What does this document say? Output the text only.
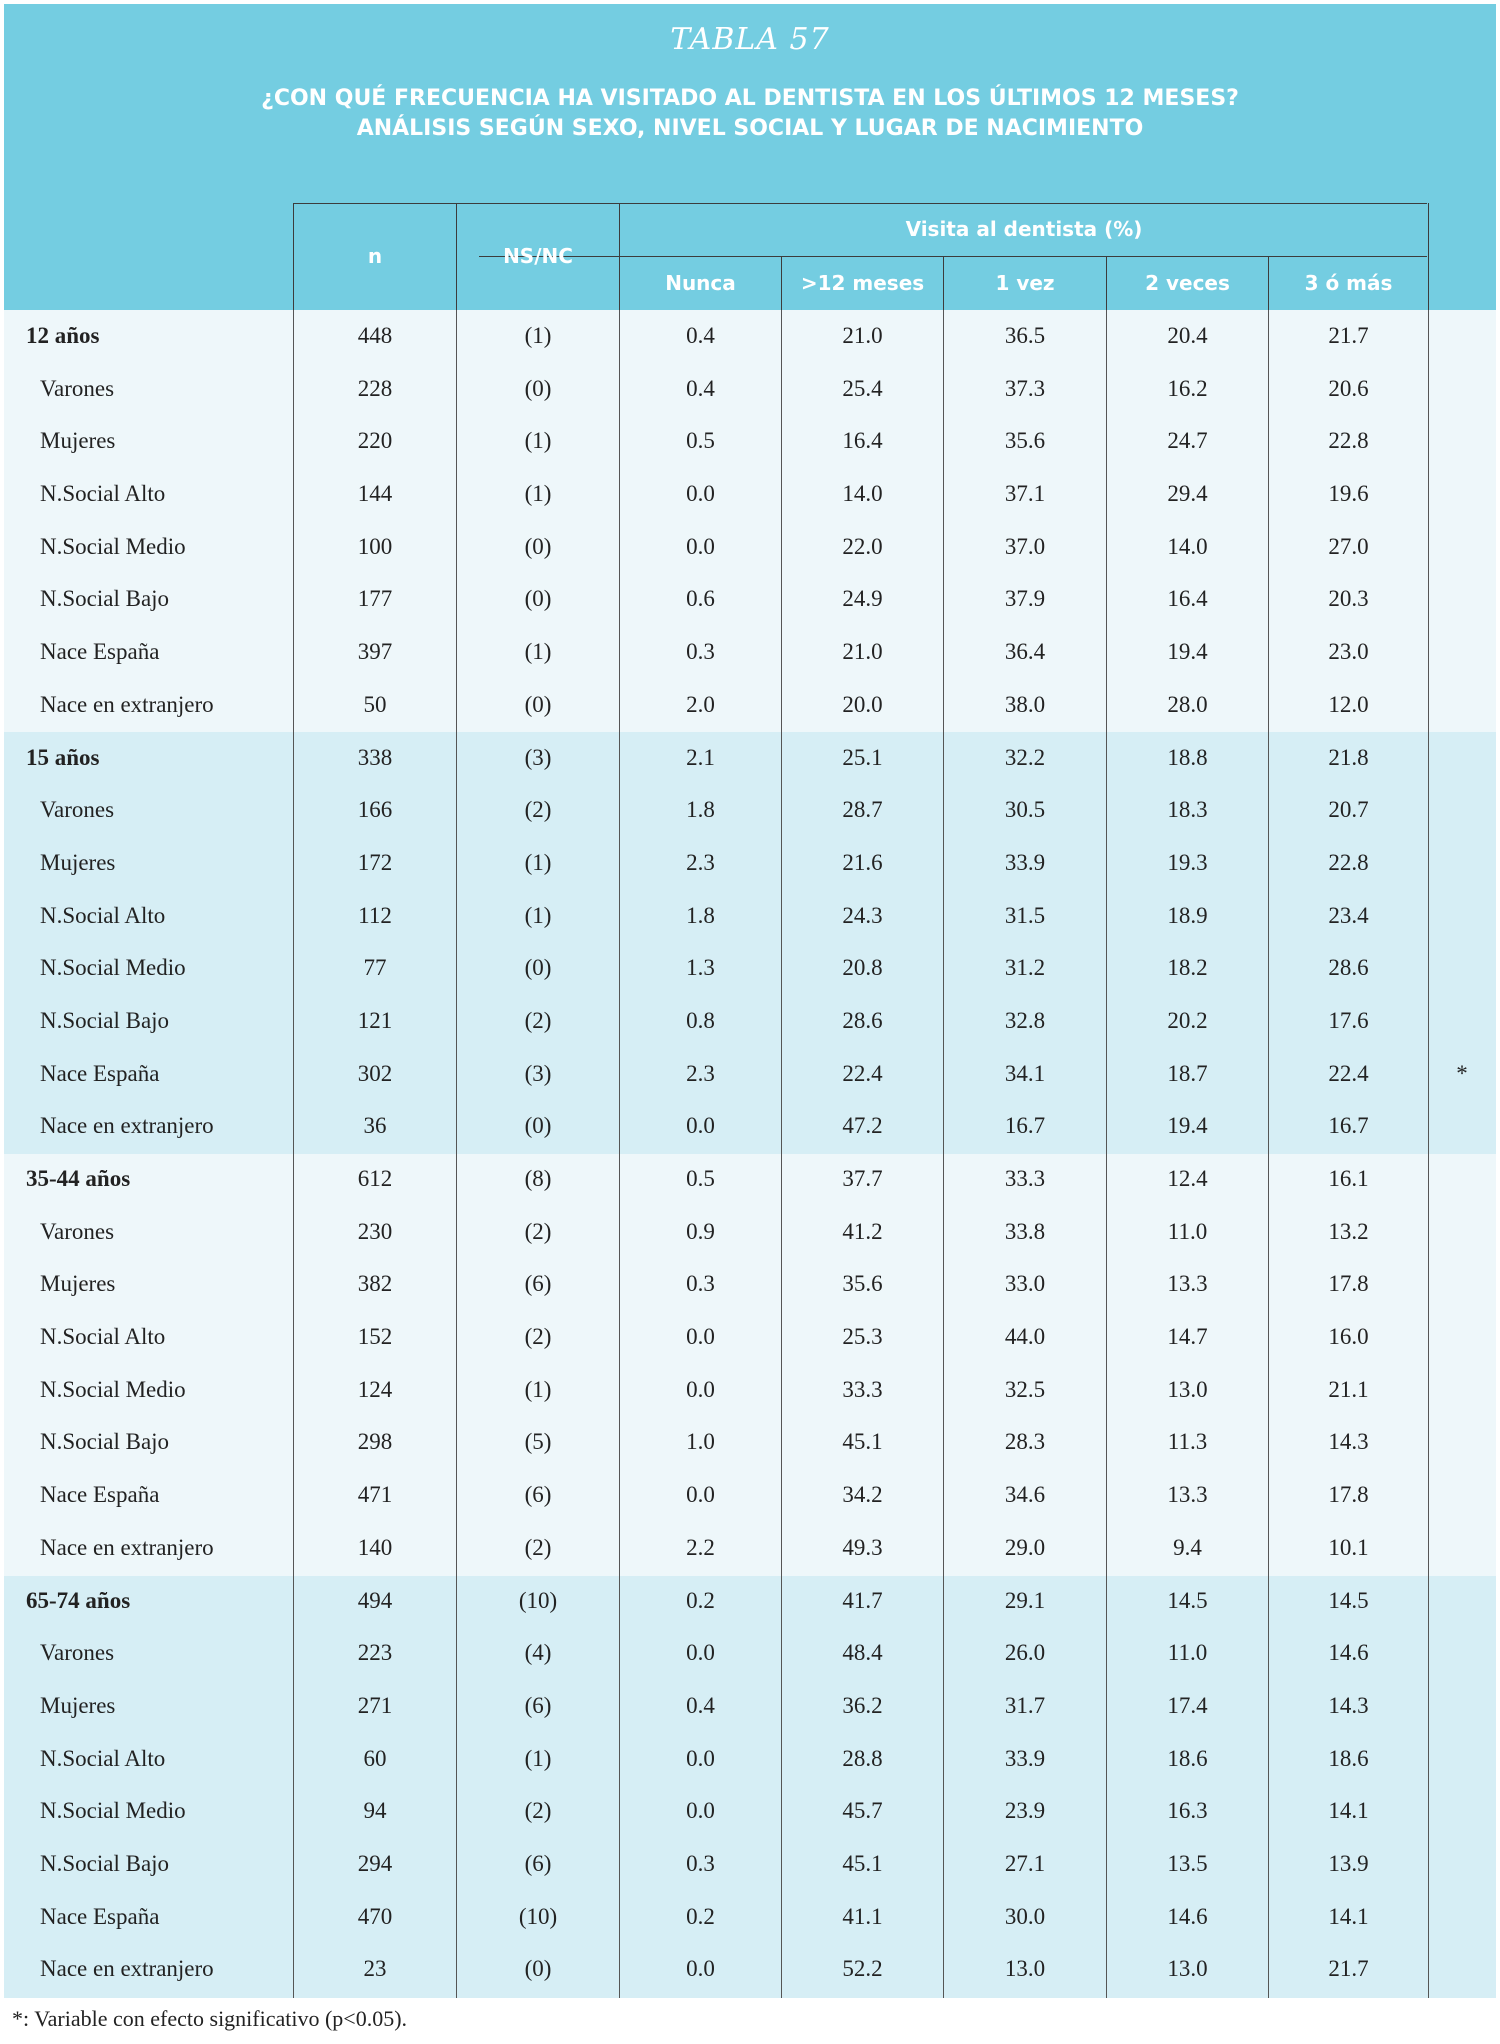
TABLA 57
¿CON QUÉ FRECUENCIA HA VISITADO AL DENTISTA EN LOS ÚLTIMOS 12 MESES?
ANÁLISIS SEGÚN SEXO, NIVEL SOCIAL Y LUGAR DE NACIMIENTO
n	NS/NC
Visita al dentista (%)
Nunca	>12 meses	1 vez	2 veces	3 ó más
12 años	448	(1)	0.4	21.0	36.5	20.4	21.7
Varones	228	(0)	0.4	25.4	37.3	16.2	20.6
Mujeres	220	(1)	0.5	16.4	35.6	24.7	22.8
N.Social Alto	144	(1)	0.0	14.0	37.1	29.4	19.6
N.Social Medio	100	(0)	0.0	22.0	37.0	14.0	27.0
N.Social Bajo	177	(0)	0.6	24.9	37.9	16.4	20.3
Nace España	397	(1)	0.3	21.0	36.4	19.4	23.0
Nace en extranjero	50	(0)	2.0	20.0	38.0	28.0	12.0
15 años	338	(3)	2.1	25.1	32.2	18.8	21.8
Varones	166	(2)	1.8	28.7	30.5	18.3	20.7
Mujeres	172	(1)	2.3	21.6	33.9	19.3	22.8
N.Social Alto	112	(1)	1.8	24.3	31.5	18.9	23.4
N.Social Medio	77	(0)	1.3	20.8	31.2	18.2	28.6
N.Social Bajo	121	(2)	0.8	28.6	32.8	20.2	17.6
Nace España	302	(3)	2.3	22.4	34.1	18.7	22.4	*
Nace en extranjero	36	(0)	0.0	47.2	16.7	19.4	16.7
35-44 años	612	(8)	0.5	37.7	33.3	12.4	16.1
Varones	230	(2)	0.9	41.2	33.8	11.0	13.2
Mujeres	382	(6)	0.3	35.6	33.0	13.3	17.8
N.Social Alto	152	(2)	0.0	25.3	44.0	14.7	16.0
N.Social Medio	124	(1)	0.0	33.3	32.5	13.0	21.1
N.Social Bajo	298	(5)	1.0	45.1	28.3	11.3	14.3
Nace España	471	(6)	0.0	34.2	34.6	13.3	17.8
Nace en extranjero	140	(2)	2.2	49.3	29.0	9.4	10.1
65-74 años	494	(10)	0.2	41.7	29.1	14.5	14.5
Varones	223	(4)	0.0	48.4	26.0	11.0	14.6
Mujeres	271	(6)	0.4	36.2	31.7	17.4	14.3
N.Social Alto	60	(1)	0.0	28.8	33.9	18.6	18.6
N.Social Medio	94	(2)	0.0	45.7	23.9	16.3	14.1
N.Social Bajo	294	(6)	0.3	45.1	27.1	13.5	13.9
Nace España	470	(10)	0.2	41.1	30.0	14.6	14.1
Nace en extranjero	23	(0)	0.0	52.2	13.0	13.0	21.7
*: Variable con efecto significativo (p<0.05).
